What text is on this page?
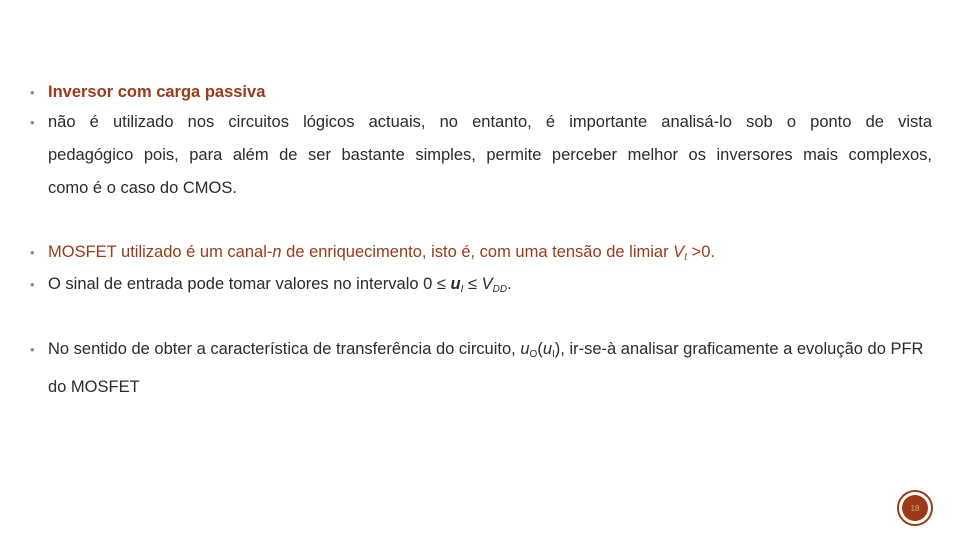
• Inversor com carga passiva
• não é utilizado nos circuitos lógicos actuais, no entanto, é importante analisá-lo sob o ponto de vista
pedagógico pois, para além de ser bastante simples, permite perceber melhor os inversores mais complexos,
como é o caso do CMOS.
• MOSFET utilizado é um canal-n de enriquecimento, isto é, com uma tensão de limiar $V_t >0$.
• O sinal de entrada pode tomar valores no intervalo $0 \le u_I \le V_{DD}$.
• No sentido de obter a característica de transferência do circuito, $u_O(u_I)$, ir-se-à analisar graficamente a evolução do PFR do MOSFET
18
